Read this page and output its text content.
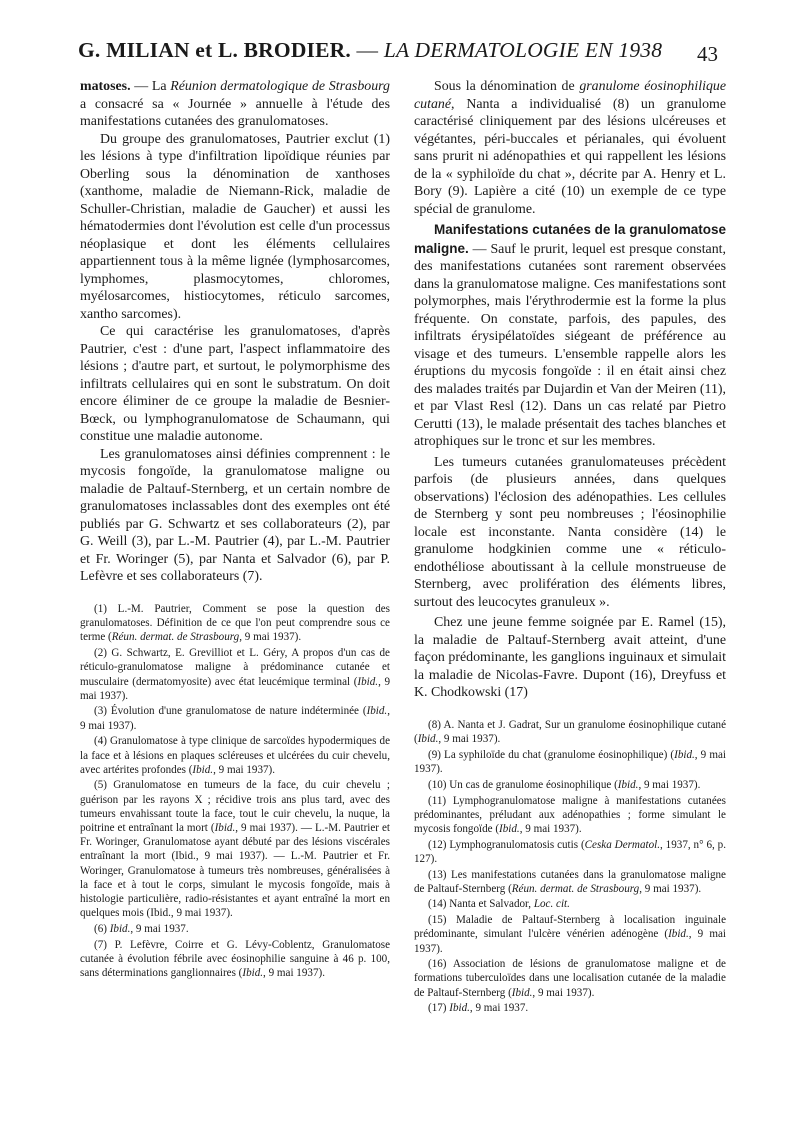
G. MILIAN et L. BRODIER. — LA DERMATOLOGIE EN 1938 43

matoses. — La Réunion dermatologique de Strasbourg a consacré sa « Journée » annuelle à l'étude des manifestations cutanées des granulomatoses.

Du groupe des granulomatoses, Pautrier exclut (1) les lésions à type d'infiltration lipoïdique réunies par Oberling sous la dénomination de xanthoses (xanthome, maladie de Niemann-Rick, maladie de Schuller-Christian, maladie de Gaucher) et aussi les hématodermies dont l'évolution est celle d'un processus néoplasique et dont les éléments cellulaires appartiennent tous à la même lignée (lymphosarcomes, lymphomes, plasmocytomes, chloromes, myélosarcomes, histiocytomes, réticulo sarcomes, xantho sarcomes).

Ce qui caractérise les granulomatoses, d'après Pautrier, c'est : d'une part, l'aspect inflammatoire des lésions ; d'autre part, et surtout, le polymorphisme des infiltrats cellulaires qui en sont le substratum. On doit encore éliminer de ce groupe la maladie de Besnier-Bœck, ou lymphogranulomatose de Schaumann, qui constitue une maladie autonome.

Les granulomatoses ainsi définies comprennent : le mycosis fongoïde, la granulomatose maligne ou maladie de Paltauf-Sternberg, et un certain nombre de granulomatoses inclassables dont des exemples ont été publiés par G. Schwartz et ses collaborateurs (2), par G. Weill (3), par L.-M. Pautrier (4), par L.-M. Pautrier et Fr. Woringer (5), par Nanta et Salvador (6), par P. Lefèvre et ses collaborateurs (7).

Sous la dénomination de granulome éosinophilique cutané, Nanta a individualisé (8) un granulome caractérisé cliniquement par des lésions ulcéreuses et végétantes, péri-buccales et périanales, qui évoluent sans prurit ni adénopathies et qui rappellent les lésions de la « syphiloïde du chat », décrite par A. Henry et L. Bory (9). Lapière a cité (10) un exemple de ce type spécial de granulome.

Manifestations cutanées de la granulomatose maligne. — Sauf le prurit, lequel est presque constant, des manifestations cutanées sont rarement observées dans la granulomatose maligne. Ces manifestations sont polymorphes, mais l'érythrodermie est la forme la plus fréquente. On constate, parfois, des papules, des infiltrats érysipélatoïdes siégeant de préférence au visage et des tumeurs. L'ensemble rappelle alors les éruptions du mycosis fongoïde : il en était ainsi chez des malades traités par Dujardin et Van der Meiren (11), et par Vlast Resl (12). Dans un cas relaté par Pietro Cerutti (13), le malade présentait des taches blanches et atrophiques sur le tronc et sur les membres.

Les tumeurs cutanées granulomateuses précèdent parfois (de plusieurs années, dans quelques observations) l'éclosion des adénopathies. Les cellules de Sternberg y sont peu nombreuses ; l'éosinophilie locale est inconstante. Nanta considère (14) le granulome hodgkinien comme une « réticulo-endothéliose aboutissant à la cellule monstrueuse de Sternberg, avec prolifération des éléments libres, surtout des leucocytes granuleux ».

Chez une jeune femme soignée par E. Ramel (15), la maladie de Paltauf-Sternberg avait atteint, d'une façon prédominante, les ganglions inguinaux et simulait la maladie de Nicolas-Favre. Dupont (16), Dreyfuss et K. Chodkowski (17)

(1) L.-M. Pautrier, Comment se pose la question des granulomatoses. Définition de ce que l'on peut comprendre sous ce terme (Réun. dermat. de Strasbourg, 9 mai 1937).

(2) G. Schwartz, E. Grevilliot et L. Géry, A propos d'un cas de réticulo-granulomatose maligne à prédominance cutanée et musculaire (dermatomyosite) avec état leucémique terminal (Ibid., 9 mai 1937).

(3) Évolution d'une granulomatose de nature indéterminée (Ibid., 9 mai 1937).

(4) Granulomatose à type clinique de sarcoïdes hypodermiques de la face et à lésions en plaques scléreuses et ulcérées du cuir chevelu, avec artérites profondes (Ibid., 9 mai 1937).

(5) Granulomatose en tumeurs de la face, du cuir chevelu ; guérison par les rayons X ; récidive trois ans plus tard, avec des tumeurs envahissant toute la face, tout le cuir chevelu, la nuque, la poitrine et entraînant la mort (Ibid., 9 mai 1937). — L.-M. Pautrier et Fr. Woringer, Granulomatose ayant débuté par des lésions viscérales entraînant la mort (Ibid., 9 mai 1937). — L.-M. Pautrier et Fr. Woringer, Granulomatose à tumeurs très nombreuses, généralisées à la face et à tout le corps, simulant le mycosis fongoïde, mais à histologie particulière, radio-résistantes et ayant entraîné la mort en quelques mois (Ibid., 9 mai 1937).

(6) Ibid., 9 mai 1937.

(7) P. Lefèvre, Coirre et G. Lévy-Coblentz, Granulomatose cutanée à évolution fébrile avec éosinophilie sanguine à 46 p. 100, sans déterminations ganglionnaires (Ibid., 9 mai 1937).

(8) A. Nanta et J. Gadrat, Sur un granulome éosinophilique cutané (Ibid., 9 mai 1937).

(9) La syphiloïde du chat (granulome éosinophilique) (Ibid., 9 mai 1937).

(10) Un cas de granulome éosinophilique (Ibid., 9 mai 1937).

(11) Lymphogranulomatose maligne à manifestations cutanées prédominantes, préludant aux adénopathies ; forme simulant le mycosis fongoïde (Ibid., 9 mai 1937).

(12) Lymphogranulomatosis cutis (Ceska Dermatol., 1937, n° 6, p. 127).

(13) Les manifestations cutanées dans la granulomatose maligne de Paltauf-Sternberg (Réun. dermat. de Strasbourg, 9 mai 1937).

(14) Nanta et Salvador, Loc. cit.

(15) Maladie de Paltauf-Sternberg à localisation inguinale prédominante, simulant l'ulcère vénérien adénogène (Ibid., 9 mai 1937).

(16) Association de lésions de granulomatose maligne et de formations tuberculoïdes dans une localisation cutanée de la maladie de Paltauf-Sternberg (Ibid., 9 mai 1937).

(17) Ibid., 9 mai 1937.
